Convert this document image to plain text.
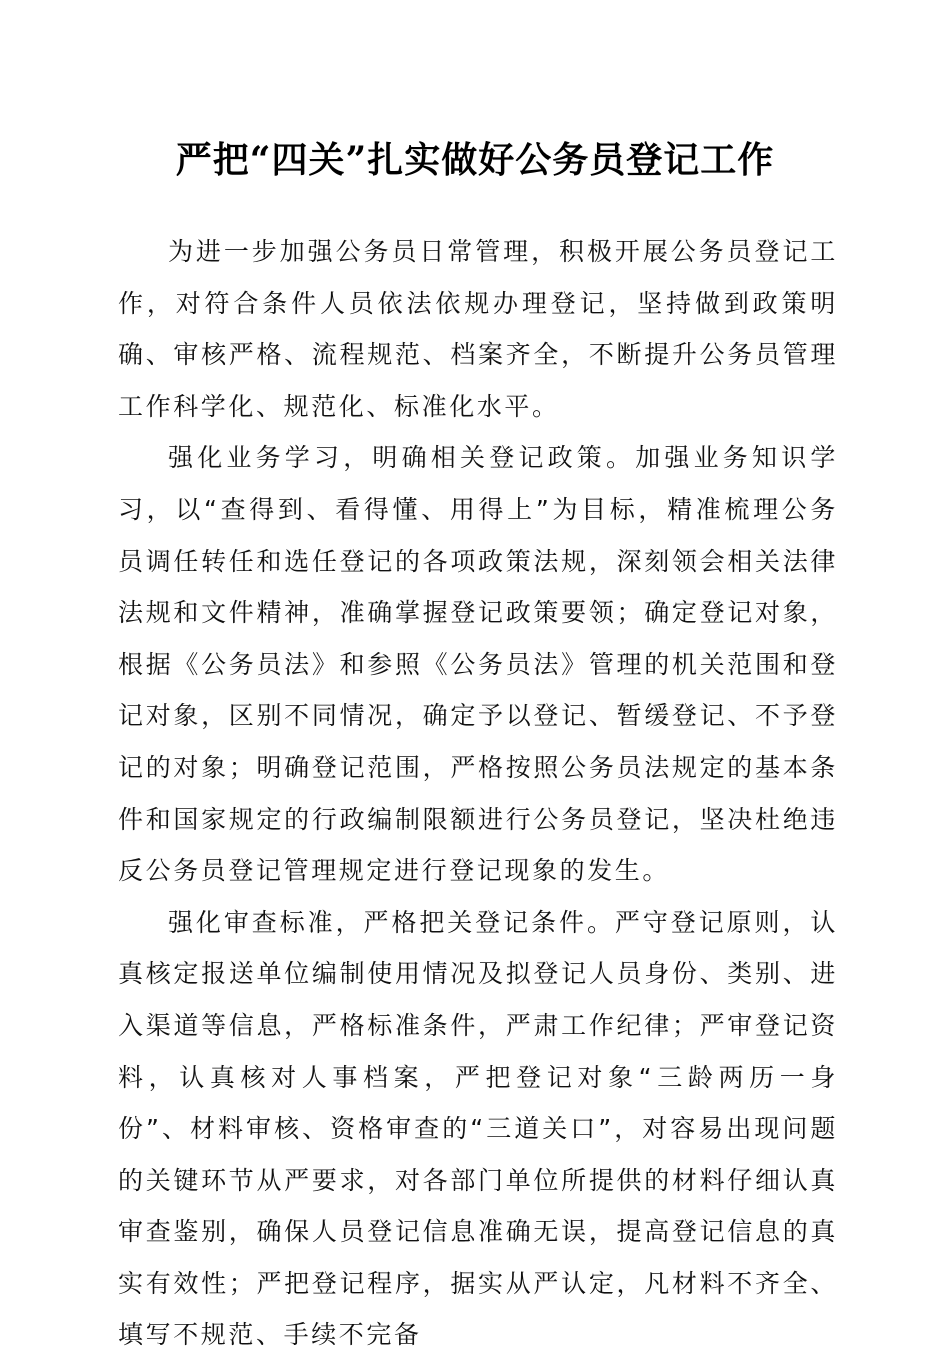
严把“四关”扎实做好公务员登记工作

为进一步加强公务员日常管理，积极开展公务员登记工作，对符合条件人员依法依规办理登记，坚持做到政策明确、审核严格、流程规范、档案齐全，不断提升公务员管理工作科学化、规范化、标准化水平。

强化业务学习，明确相关登记政策。加强业务知识学习，以“查得到、看得懂、用得上”为目标，精准梳理公务员调任转任和选任登记的各项政策法规，深刻领会相关法律法规和文件精神，准确掌握登记政策要领；确定登记对象，根据《公务员法》和参照《公务员法》管理的机关范围和登记对象，区别不同情况，确定予以登记、暂缓登记、不予登记的对象；明确登记范围，严格按照公务员法规定的基本条件和国家规定的行政编制限额进行公务员登记，坚决杜绝违反公务员登记管理规定进行登记现象的发生。

强化审查标准，严格把关登记条件。严守登记原则，认真核定报送单位编制使用情况及拟登记人员身份、类别、进入渠道等信息，严格标准条件，严肃工作纪律；严审登记资料，认真核对人事档案，严把登记对象“三龄两历一身份”、材料审核、资格审查的“三道关口”，对容易出现问题的关键环节从严要求，对各部门单位所提供的材料仔细认真审查鉴别，确保人员登记信息准确无误，提高登记信息的真实有效性；严把登记程序，据实从严认定，凡材料不齐全、填写不规范、手续不完备
